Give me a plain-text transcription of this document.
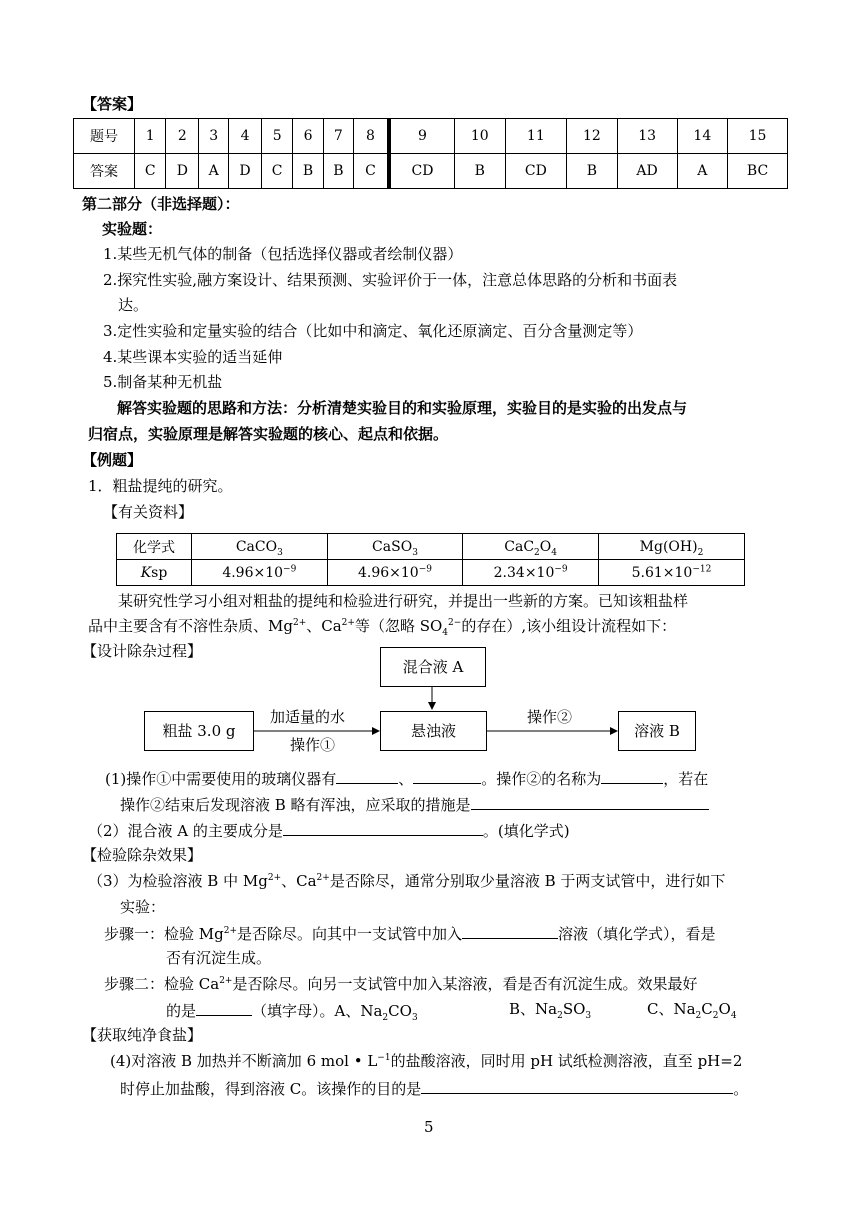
【答案】
题号	1	2	3	4	5	6	7	8	9	10	11	12	13	14	15
答案	C	D	A	D	C	B	B	C	CD	B	CD	B	AD	A	BC
第二部分（非选择题）：
实验题：
1.某些无机气体的制备（包括选择仪器或者绘制仪器）
2.探究性实验,融方案设计、结果预测、实验评价于一体，注意总体思路的分析和书面表
达。
3.定性实验和定量实验的结合（比如中和滴定、氧化还原滴定、百分含量测定等）
4.某些课本实验的适当延伸
5.制备某种无机盐
解答实验题的思路和方法：分析清楚实验目的和实验原理，实验目的是实验的出发点与
归宿点，实验原理是解答实验题的核心、起点和依据。
【例题】
1．粗盐提纯的研究。
【有关资料】
化学式	CaCO$_3$	CaSO$_3$	$CaC_2O_4$	$Mg(OH)_2$
Ksp	$4.96\times 10^{-9}$	$4.96\times 10^{-9}$	$2.34\times 10^{-9}$	$5.61\times 10^{-12}$
某研究性学习小组对粗盐的提纯和检验进行研究，并提出一些新的方案。已知该粗盐样
品中主要含有不溶性杂质、$Mg^{2+}$、$Ca^{2+}$等（忽略 $SO_4^{2-}$的存在）,该小组设计流程如下：
【设计除杂过程】
混合液 A
粗盐 3.0 g
加适量的水
操作①
悬浊液
操作②
溶液 B
(1)操作①中需要使用的玻璃仪器有	、	。操作②的名称为	，若在
操作②结束后发现溶液 B 略有浑浊，应采取的措施是
（2）混合液 A 的主要成分是	。(填化学式)
【检验除杂效果】
（3）为检验溶液 B 中 $Mg^{2+}$、$Ca^{2+}$是否除尽，通常分别取少量溶液 B 于两支试管中，进行如下
实验：
步骤一：检验 $Mg^{2+}$是否除尽。向其中一支试管中加入	溶液（填化学式），看是
否有沉淀生成。
步骤二：检验 $Ca^{2+}$是否除尽。向另一支试管中加入某溶液，看是否有沉淀生成。效果最好
的是	（填字母）。A、$Na_2CO_3$	B、$Na_2SO_3$	C、$Na_2C_2O_4$
【获取纯净食盐】
(4)对溶液 B 加热并不断滴加 6 mol • $L^{-1}$的盐酸溶液，同时用 pH 试纸检测溶液，直至 pH=2
时停止加盐酸，得到溶液 C。该操作的目的是	。
5
